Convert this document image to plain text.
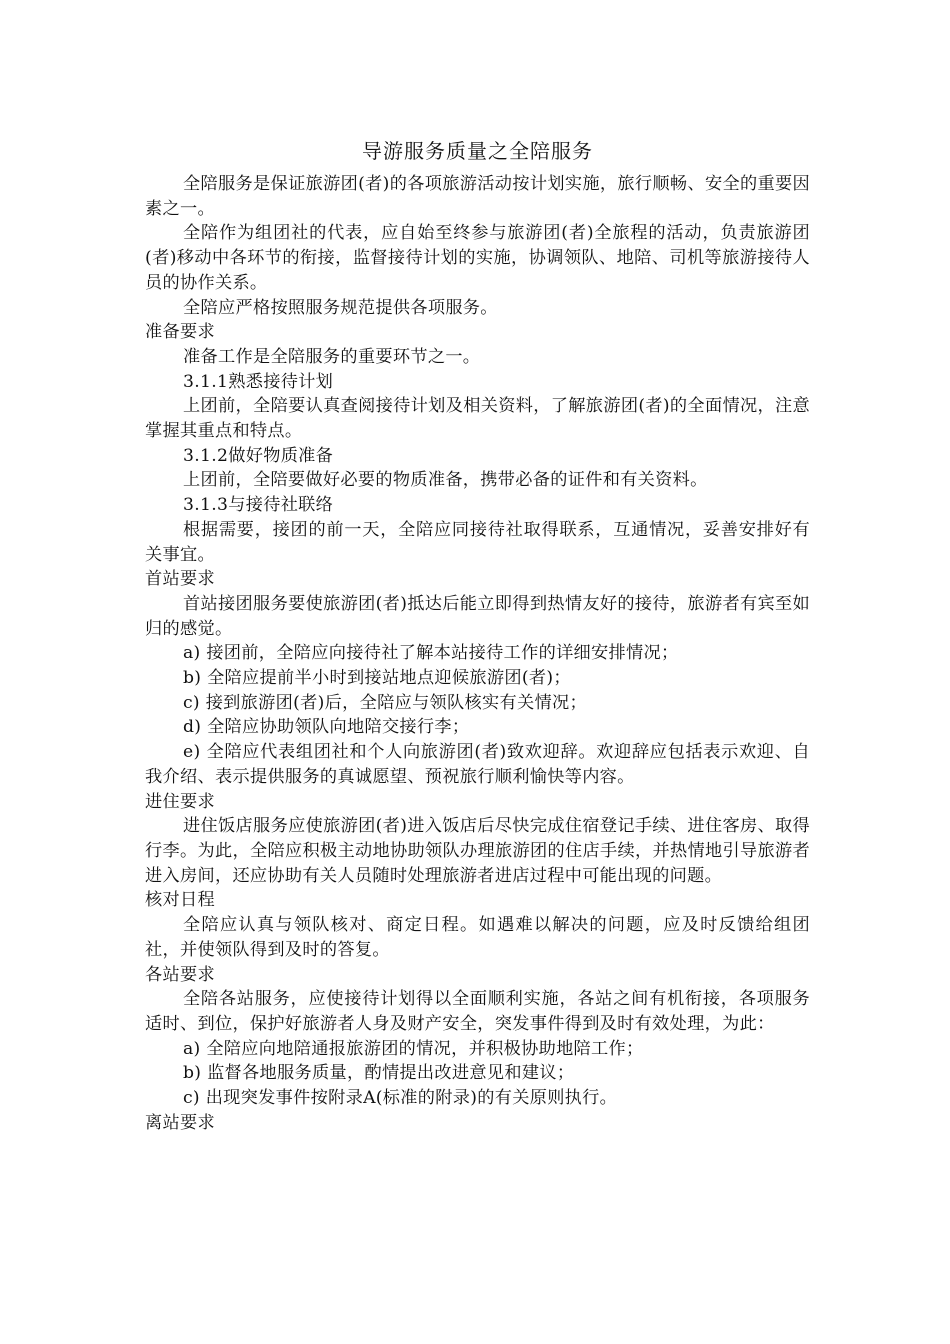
导游服务质量之全陪服务

全陪服务是保证旅游团(者)的各项旅游活动按计划实施，旅行顺畅、安全的重要因素之一。

全陪作为组团社的代表，应自始至终参与旅游团(者)全旅程的活动，负责旅游团(者)移动中各环节的衔接，监督接待计划的实施，协调领队、地陪、司机等旅游接待人员的协作关系。

全陪应严格按照服务规范提供各项服务。

准备要求

准备工作是全陪服务的重要环节之一。

3.1.1熟悉接待计划

上团前，全陪要认真查阅接待计划及相关资料，了解旅游团(者)的全面情况，注意掌握其重点和特点。

3.1.2做好物质准备

上团前，全陪要做好必要的物质准备，携带必备的证件和有关资料。

3.1.3与接待社联络

根据需要，接团的前一天，全陪应同接待社取得联系，互通情况，妥善安排好有关事宜。

首站要求

首站接团服务要使旅游团(者)抵达后能立即得到热情友好的接待，旅游者有宾至如归的感觉。

a) 接团前，全陪应向接待社了解本站接待工作的详细安排情况；

b) 全陪应提前半小时到接站地点迎候旅游团(者)；

c) 接到旅游团(者)后，全陪应与领队核实有关情况；

d) 全陪应协助领队向地陪交接行李；

e) 全陪应代表组团社和个人向旅游团(者)致欢迎辞。欢迎辞应包括表示欢迎、自我介绍、表示提供服务的真诚愿望、预祝旅行顺利愉快等内容。

进住要求

进住饭店服务应使旅游团(者)进入饭店后尽快完成住宿登记手续、进住客房、取得行李。为此，全陪应积极主动地协助领队办理旅游团的住店手续，并热情地引导旅游者进入房间，还应协助有关人员随时处理旅游者进店过程中可能出现的问题。

核对日程

全陪应认真与领队核对、商定日程。如遇难以解决的问题，应及时反馈给组团社，并使领队得到及时的答复。

各站要求

全陪各站服务，应使接待计划得以全面顺利实施，各站之间有机衔接，各项服务适时、到位，保护好旅游者人身及财产安全，突发事件得到及时有效处理，为此：

a) 全陪应向地陪通报旅游团的情况，并积极协助地陪工作；

b) 监督各地服务质量，酌情提出改进意见和建议；

c) 出现突发事件按附录A(标准的附录)的有关原则执行。

离站要求
